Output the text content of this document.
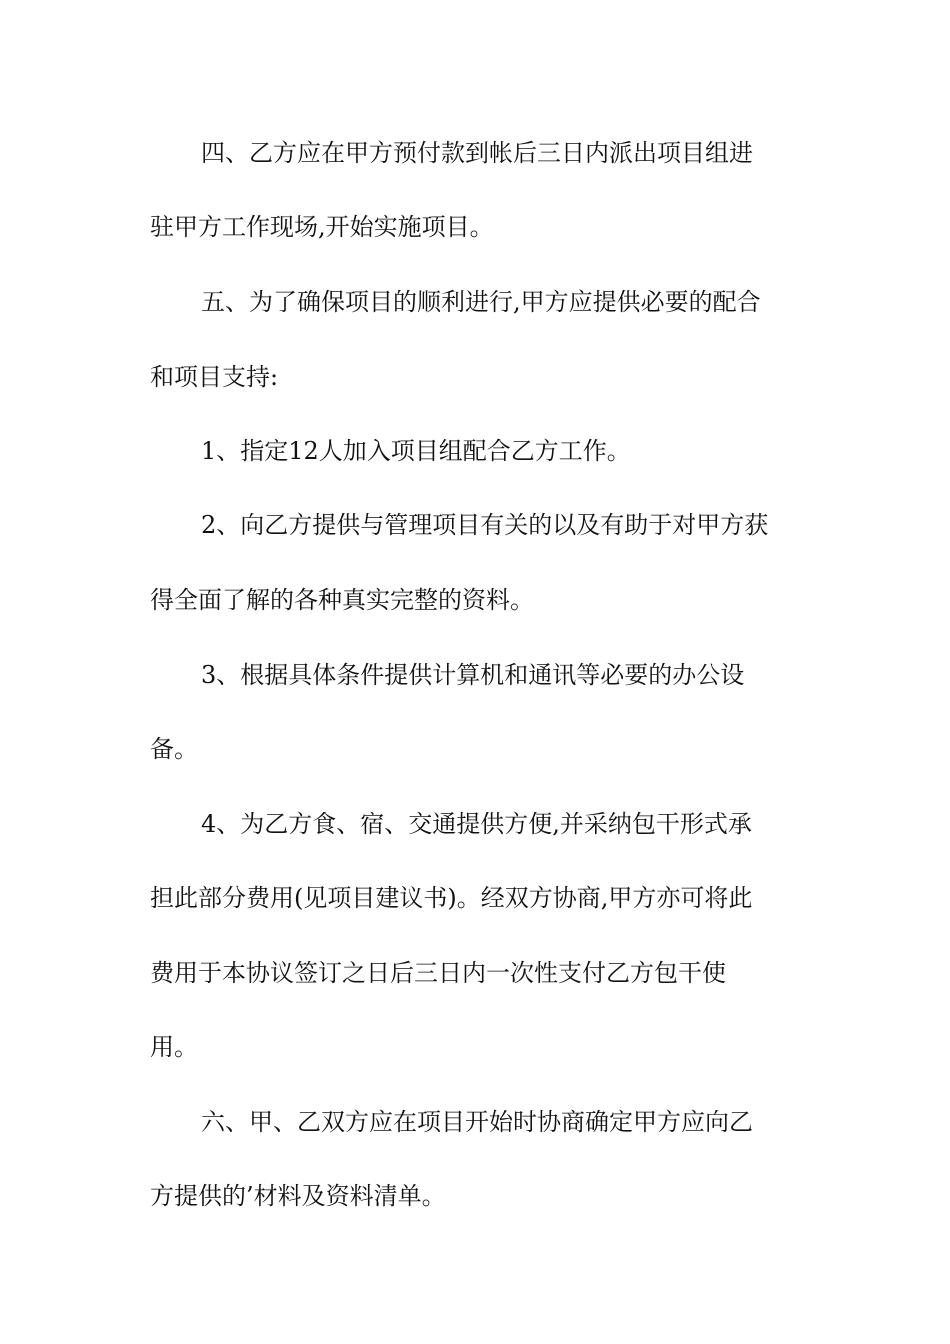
四、乙方应在甲方预付款到帐后三日内派出项目组进
驻甲方工作现场,开始实施项目。
五、为了确保项目的顺利进行,甲方应提供必要的配合
和项目支持:
1、指定12人加入项目组配合乙方工作。
2、向乙方提供与管理项目有关的以及有助于对甲方获
得全面了解的各种真实完整的资料。
3、根据具体条件提供计算机和通讯等必要的办公设
备。
4、为乙方食、宿、交通提供方便,并采纳包干形式承
担此部分费用(见项目建议书)。经双方协商,甲方亦可将此
费用于本协议签订之日后三日内一次性支付乙方包干使
用。
六、甲、乙双方应在项目开始时协商确定甲方应向乙
方提供的’材料及资料清单。
